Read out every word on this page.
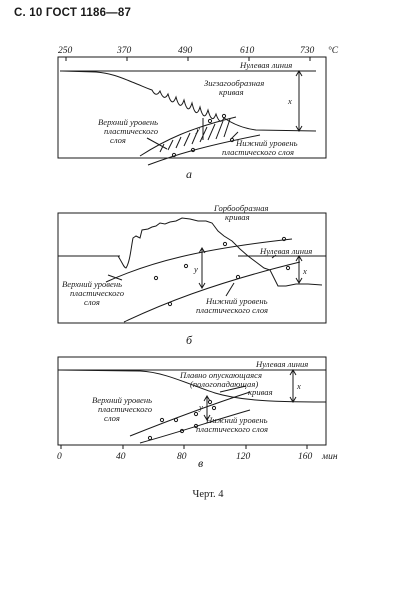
С. 10 ГОСТ 1186—87
250	370	490	610	730 °C
Нулевая линия
Зигзагообразная
кривая
Верхний уровень
пластического
слоя	Нижний уровень
пластического слоя
x
y
а
Горбообразная
кривая
Нулевая линия
Верхний уровень
пластического
слоя	Нижний уровень
пластического слоя
x
y
б
Нулевая линия
Плавно опускающаяся
(пологопадающая)
кривая
Верхний уровень
пластического
слоя	Нижний уровень
пластического слоя
x
y
0	40	80	120	160 мин
в
Черт. 4
